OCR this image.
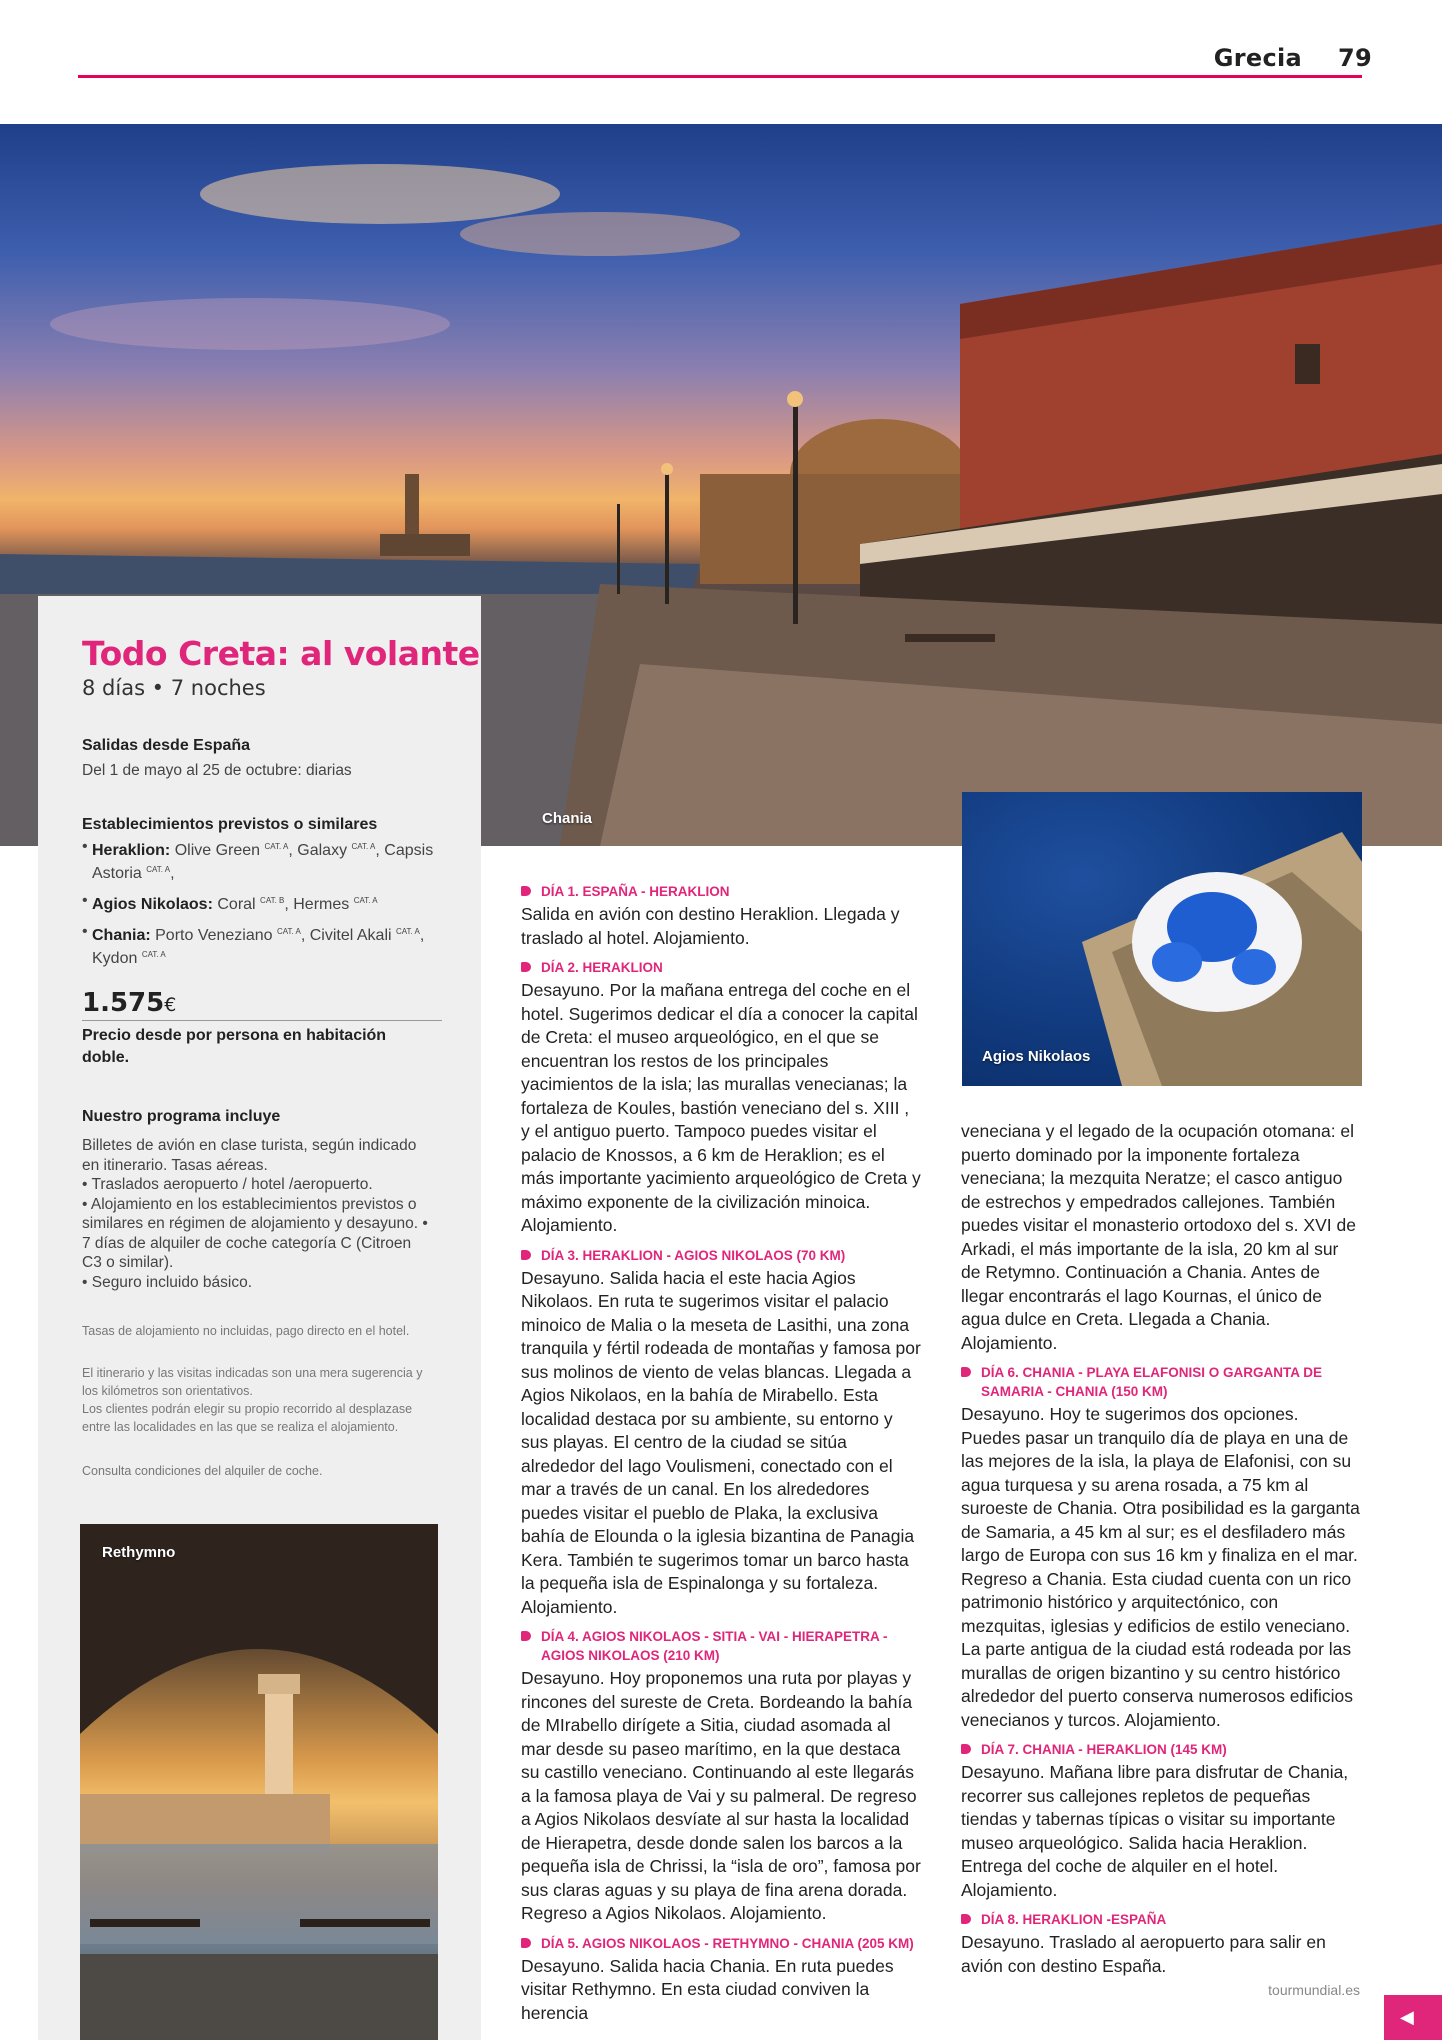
Grecia 79
Chania
Todo Creta: al volante
8 días • 7 noches
Salidas desde España
Del 1 de mayo al 25 de octubre: diarias
Establecimientos previstos o similares
• Heraklion: Olive Green $^{CAT. A}$, Galaxy $^{CAT. A}$, Capsis Astoria $^{CAT. A}$,
• Agios Nikolaos: Coral $^{CAT. B}$, Hermes $^{CAT. A}$
• Chania: Porto Veneziano $^{CAT. A}$, Civitel Akali $^{CAT. A}$, Kydon $^{CAT. A}$
1.575€
Precio desde por persona en habitación doble.
Nuestro programa incluye
Billetes de avión en clase turista, según indicado en itinerario. Tasas aéreas.
• Traslados aeropuerto / hotel /aeropuerto.
• Alojamiento en los establecimientos previstos o similares en régimen de alojamiento y desayuno. • 7 días de alquiler de coche categoría C (Citroen C3 o similar).
• Seguro incluido básico.
Tasas de alojamiento no incluidas, pago directo en el hotel.
El itinerario y las visitas indicadas son una mera sugerencia y los kilómetros son orientativos.
Los clientes podrán elegir su propio recorrido al desplazase entre las localidades en las que se realiza el alojamiento.
Consulta condiciones del alquiler de coche.
Rethymno
Agios Nikolaos
DÍA 1. ESPAÑA - HERAKLION

Salida en avión con destino Heraklion. Llegada y traslado al hotel. Alojamiento.

DÍA 2. HERAKLION

Desayuno. Por la mañana entrega del coche en el hotel. Sugerimos dedicar el día a conocer la capital de Creta: el museo arqueológico, en el que se encuentran los restos de los principales yacimientos de la isla; las murallas venecianas; la fortaleza de Koules, bastión veneciano del s. XIII , y el antiguo puerto. Tampoco puedes visitar el palacio de Knossos, a 6 km de Heraklion; es el más importante yacimiento arqueológico de Creta y máximo exponente de la civilización minoica. Alojamiento.

DÍA 3. HERAKLION - AGIOS NIKOLAOS (70 KM)

Desayuno. Salida hacia el este hacia Agios Nikolaos. En ruta te sugerimos visitar el palacio minoico de Malia o la meseta de Lasithi, una zona tranquila y fértil rodeada de montañas y famosa por sus molinos de viento de velas blancas. Llegada a Agios Nikolaos, en la bahía de Mirabello. Esta localidad destaca por su ambiente, su entorno y sus playas. El centro de la ciudad se sitúa alrededor del lago Voulismeni, conectado con el mar a través de un canal. En los alrededores puedes visitar el pueblo de Plaka, la exclusiva bahía de Elounda o la iglesia bizantina de Panagia Kera. También te sugerimos tomar un barco hasta la pequeña isla de Espinalonga y su fortaleza. Alojamiento.

DÍA 4. AGIOS NIKOLAOS - SITIA - VAI - HIERAPETRA - AGIOS NIKOLAOS (210 KM)

Desayuno. Hoy proponemos una ruta por playas y rincones del sureste de Creta. Bordeando la bahía de MIrabello dirígete a Sitia, ciudad asomada al mar desde su paseo marítimo, en la que destaca su castillo veneciano. Continuando al este llegarás a la famosa playa de Vai y su palmeral. De regreso a Agios Nikolaos desvíate al sur hasta la localidad de Hierapetra, desde donde salen los barcos a la pequeña isla de Chrissi, la “isla de oro”, famosa por sus claras aguas y su playa de fina arena dorada. Regreso a Agios Nikolaos. Alojamiento.

DÍA 5. AGIOS NIKOLAOS - RETHYMNO - CHANIA (205 KM)

Desayuno. Salida hacia Chania. En ruta puedes visitar Rethymno. En esta ciudad conviven la herencia

veneciana y el legado de la ocupación otomana: el puerto dominado por la imponente fortaleza veneciana; la mezquita Neratze; el casco antiguo de estrechos y empedrados callejones. También puedes visitar el monasterio ortodoxo del s. XVI de Arkadi, el más importante de la isla, 20 km al sur de Retymno. Continuación a Chania. Antes de llegar encontrarás el lago Kournas, el único de agua dulce en Creta. Llegada a Chania. Alojamiento.

DÍA 6. CHANIA - PLAYA ELAFONISI O GARGANTA DE SAMARIA - CHANIA (150 KM)

Desayuno. Hoy te sugerimos dos opciones. Puedes pasar un tranquilo día de playa en una de las mejores de la isla, la playa de Elafonisi, con su agua turquesa y su arena rosada, a 75 km al suroeste de Chania. Otra posibilidad es la garganta de Samaria, a 45 km al sur; es el desfiladero más largo de Europa con sus 16 km y finaliza en el mar. Regreso a Chania. Esta ciudad cuenta con un rico patrimonio histórico y arquitectónico, con mezquitas, iglesias y edificios de estilo veneciano. La parte antigua de la ciudad está rodeada por las murallas de origen bizantino y su centro histórico alrededor del puerto conserva numerosos edificios venecianos y turcos. Alojamiento.

DÍA 7. CHANIA - HERAKLION (145 KM)

Desayuno. Mañana libre para disfrutar de Chania, recorrer sus callejones repletos de pequeñas tiendas y tabernas típicas o visitar su importante museo arqueológico. Salida hacia Heraklion. Entrega del coche de alquiler en el hotel. Alojamiento.

DÍA 8. HERAKLION -ESPAÑA

Desayuno. Traslado al aeropuerto para salir en avión con destino España.

tourmundial.es
◀
